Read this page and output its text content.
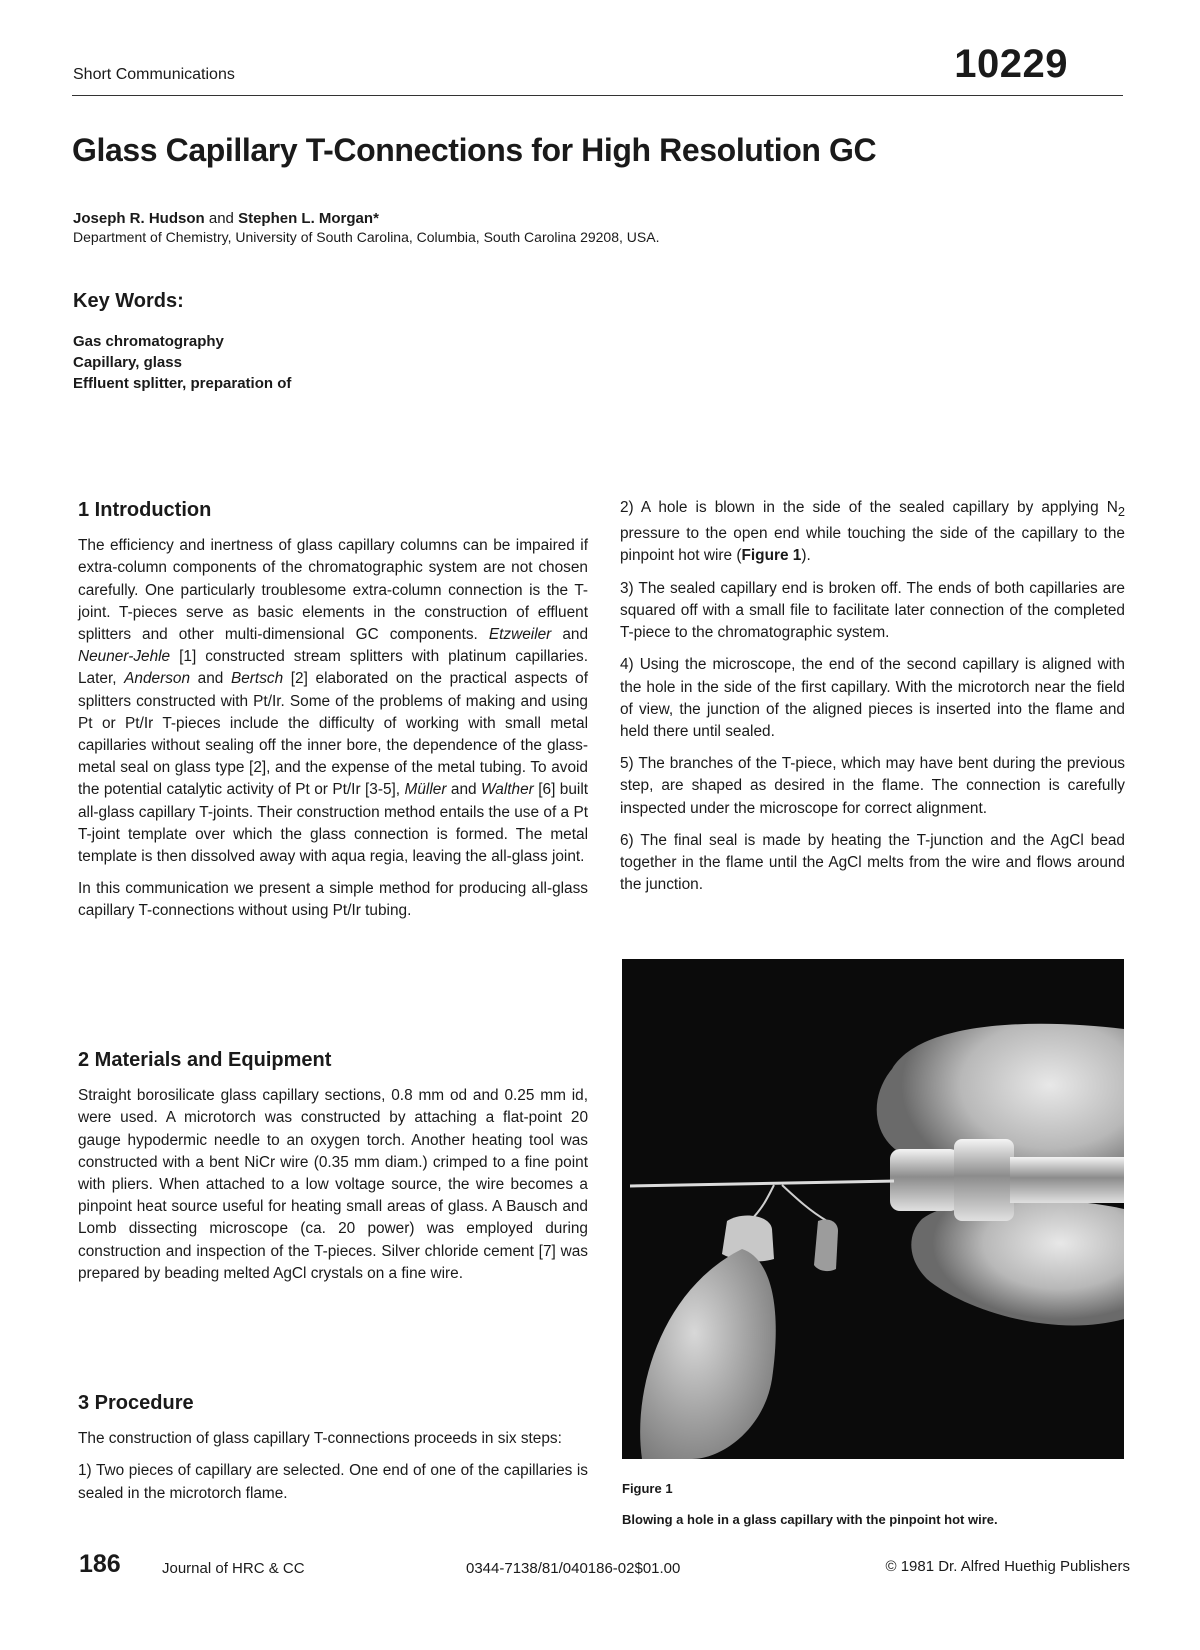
Short Communications	10229
Glass Capillary T-Connections for High Resolution GC
Joseph R. Hudson and Stephen L. Morgan*
Department of Chemistry, University of South Carolina, Columbia, South Carolina 29208, USA.
Key Words:
Gas chromatography
Capillary, glass
Effluent splitter, preparation of
1 Introduction

The efficiency and inertness of glass capillary columns can be impaired if extra-column components of the chromatographic system are not chosen carefully. One particularly troublesome extra-column connection is the T-joint. T-pieces serve as basic elements in the construction of effluent splitters and other multi-dimensional GC components. Etzweiler and Neuner-Jehle [1] constructed stream splitters with platinum capillaries. Later, Anderson and Bertsch [2] elaborated on the practical aspects of splitters constructed with Pt/Ir. Some of the problems of making and using Pt or Pt/Ir T-pieces include the difficulty of working with small metal capillaries without sealing off the inner bore, the dependence of the glass-metal seal on glass type [2], and the expense of the metal tubing. To avoid the potential catalytic activity of Pt or Pt/Ir [3-5], Müller and Walther [6] built all-glass capillary T-joints. Their construction method entails the use of a Pt T-joint template over which the glass connection is formed. The metal template is then dissolved away with aqua regia, leaving the all-glass joint.

In this communication we present a simple method for producing all-glass capillary T-connections without using Pt/Ir tubing.

2 Materials and Equipment

Straight borosilicate glass capillary sections, 0.8 mm od and 0.25 mm id, were used. A microtorch was constructed by attaching a flat-point 20 gauge hypodermic needle to an oxygen torch. Another heating tool was constructed with a bent NiCr wire (0.35 mm diam.) crimped to a fine point with pliers. When attached to a low voltage source, the wire becomes a pinpoint heat source useful for heating small areas of glass. A Bausch and Lomb dissecting microscope (ca. 20 power) was employed during construction and inspection of the T-pieces. Silver chloride cement [7] was prepared by beading melted AgCl crystals on a fine wire.

3 Procedure

The construction of glass capillary T-connections proceeds in six steps:

1) Two pieces of capillary are selected. One end of one of the capillaries is sealed in the microtorch flame.

2) A hole is blown in the side of the sealed capillary by applying $N_2$ pressure to the open end while touching the side of the capillary to the pinpoint hot wire (Figure 1).

3) The sealed capillary end is broken off. The ends of both capillaries are squared off with a small file to facilitate later connection of the completed T-piece to the chromatographic system.

4) Using the microscope, the end of the second capillary is aligned with the hole in the side of the first capillary. With the microtorch near the field of view, the junction of the aligned pieces is inserted into the flame and held there until sealed.

5) The branches of the T-piece, which may have bent during the previous step, are shaped as desired in the flame. The connection is carefully inspected under the microscope for correct alignment.

6) The final seal is made by heating the T-junction and the AgCl bead together in the flame until the AgCl melts from the wire and flows around the junction.

Figure 1
Blowing a hole in a glass capillary with the pinpoint hot wire.
186	Journal of HRC & CC	0344-7138/81/040186-02$01.00	© 1981 Dr. Alfred Huethig Publishers
